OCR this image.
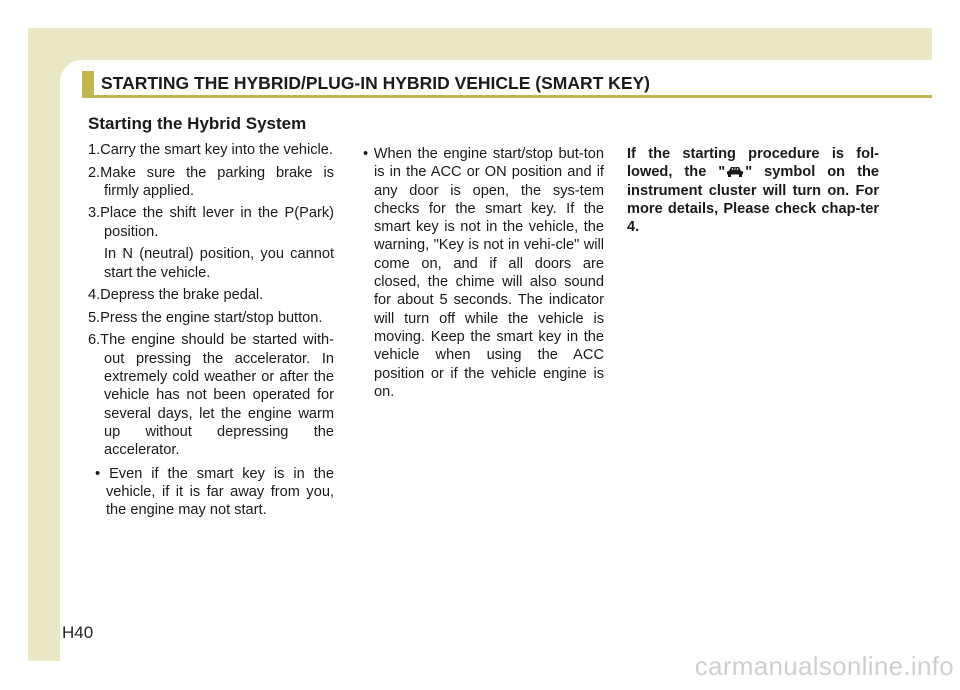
STARTING THE HYBRID/PLUG-IN HYBRID VEHICLE (SMART KEY)
Starting the Hybrid System
1.Carry the smart key into the vehicle.
2.Make sure the parking brake is firmly applied.
3.Place the shift lever in the P(Park) position.
In N (neutral) position, you cannot start the vehicle.
4.Depress the brake pedal.
5.Press the engine start/stop button.
6.The engine should be started with-out pressing the accelerator. In extremely cold weather or after the vehicle has not been operated for several days, let the engine warm up without depressing the accelerator.
• Even if the smart key is in the vehicle, if it is far away from you, the engine may not start.
• When the engine start/stop but-ton is in the ACC or ON position and if any door is open, the sys-tem checks for the smart key. If the smart key is not in the vehicle, the warning, "Key is not in vehi-cle" will come on, and if all doors are closed, the chime will also sound for about 5 seconds. The indicator will turn off while the vehicle is moving. Keep the smart key in the vehicle when using the ACC position or if the vehicle engine is on.
If the starting procedure is fol-lowed, the " " symbol on the instrument cluster will turn on. For more details, Please check chap-ter 4.
H40
carmanualsonline.info
